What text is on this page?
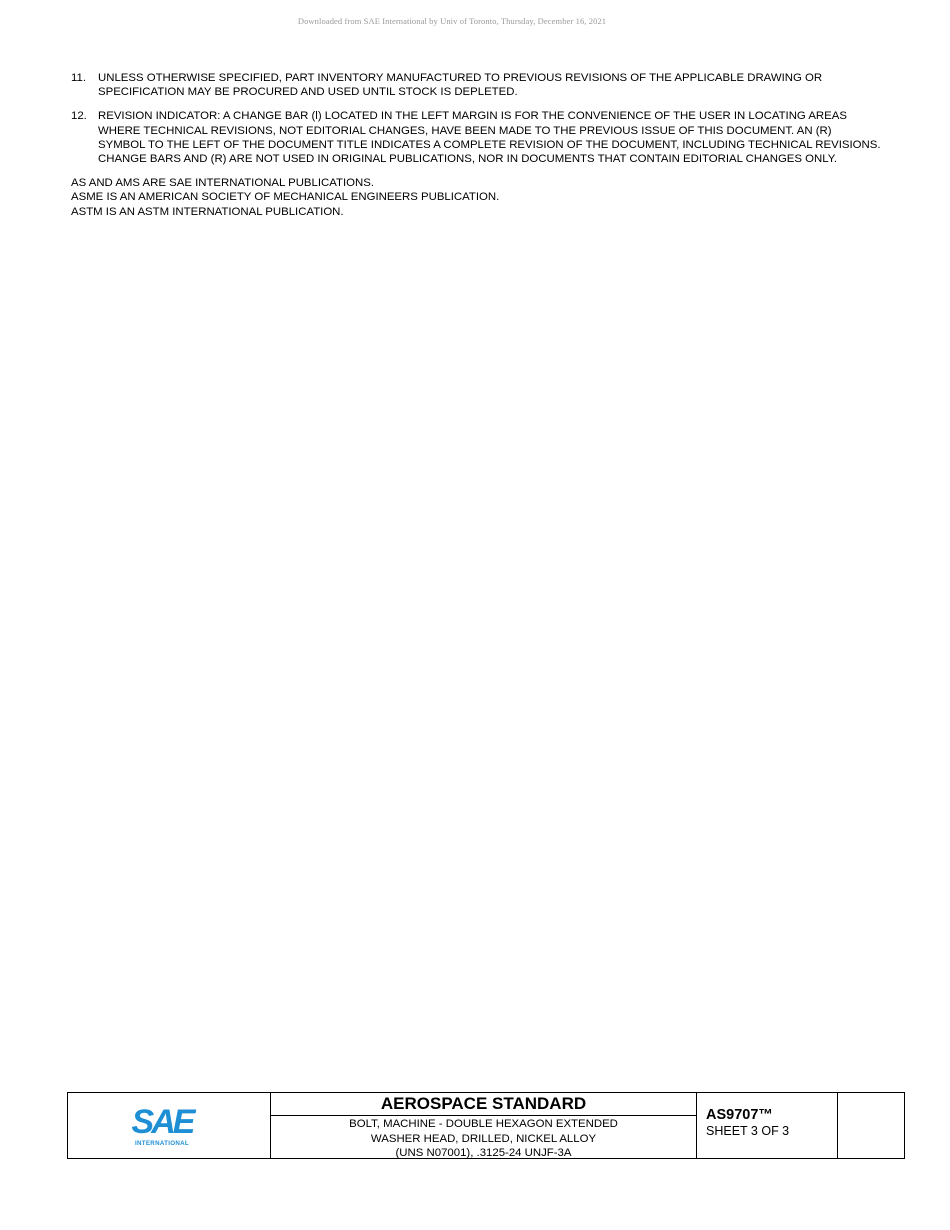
Downloaded from SAE International by Univ of Toronto, Thursday, December 16, 2021
11.	UNLESS OTHERWISE SPECIFIED, PART INVENTORY MANUFACTURED TO PREVIOUS REVISIONS OF THE APPLICABLE DRAWING OR SPECIFICATION MAY BE PROCURED AND USED UNTIL STOCK IS DEPLETED.
12. REVISION INDICATOR: A CHANGE BAR (l) LOCATED IN THE LEFT MARGIN IS FOR THE CONVENIENCE OF THE USER IN LOCATING AREAS WHERE TECHNICAL REVISIONS, NOT EDITORIAL CHANGES, HAVE BEEN MADE TO THE PREVIOUS ISSUE OF THIS DOCUMENT. AN (R) SYMBOL TO THE LEFT OF THE DOCUMENT TITLE INDICATES A COMPLETE REVISION OF THE DOCUMENT, INCLUDING TECHNICAL REVISIONS. CHANGE BARS AND (R) ARE NOT USED IN ORIGINAL PUBLICATIONS, NOR IN DOCUMENTS THAT CONTAIN EDITORIAL CHANGES ONLY.
AS AND AMS ARE SAE INTERNATIONAL PUBLICATIONS.
ASME IS AN AMERICAN SOCIETY OF MECHANICAL ENGINEERS PUBLICATION.
ASTM IS AN ASTM INTERNATIONAL PUBLICATION.
SAE
INTERNATIONAL
AEROSPACE STANDARD
BOLT, MACHINE - DOUBLE HEXAGON EXTENDED
WASHER HEAD, DRILLED, NICKEL ALLOY
(UNS N07001), .3125-24 UNJF-3A
AS9707™
SHEET 3 OF 3
